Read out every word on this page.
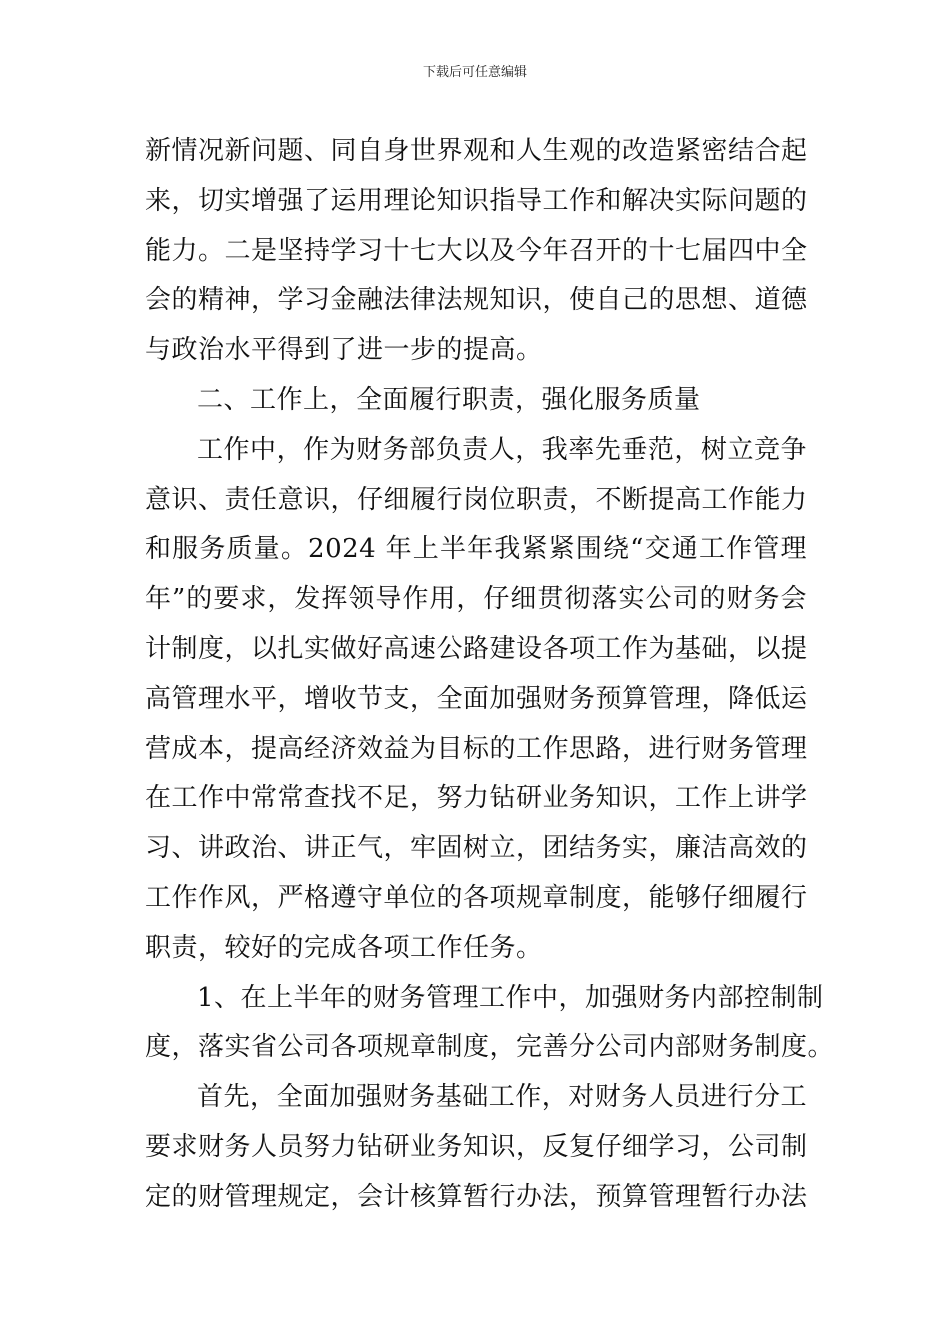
下载后可任意编辑
新情况新问题、同自身世界观和人生观的改造紧密结合起
来，切实增强了运用理论知识指导工作和解决实际问题的
能力。二是坚持学习十七大以及今年召开的十七届四中全
会的精神，学习金融法律法规知识，使自己的思想、道德
与政治水平得到了进一步的提高。
二、工作上，全面履行职责，强化服务质量
工作中，作为财务部负责人，我率先垂范，树立竞争
意识、责任意识，仔细履行岗位职责，不断提高工作能力
和服务质量。2024 年上半年我紧紧围绕“交通工作管理
年”的要求，发挥领导作用，仔细贯彻落实公司的财务会
计制度，以扎实做好高速公路建设各项工作为基础，以提
高管理水平，增收节支，全面加强财务预算管理，降低运
营成本，提高经济效益为目标的工作思路，进行财务管理
在工作中常常查找不足，努力钻研业务知识，工作上讲学
习、讲政治、讲正气，牢固树立，团结务实，廉洁高效的
工作作风，严格遵守单位的各项规章制度，能够仔细履行
职责，较好的完成各项工作任务。
1、在上半年的财务管理工作中，加强财务内部控制制
度，落实省公司各项规章制度，完善分公司内部财务制度。
首先，全面加强财务基础工作，对财务人员进行分工
要求财务人员努力钻研业务知识，反复仔细学习，公司制
定的财管理规定，会计核算暂行办法，预算管理暂行办法
